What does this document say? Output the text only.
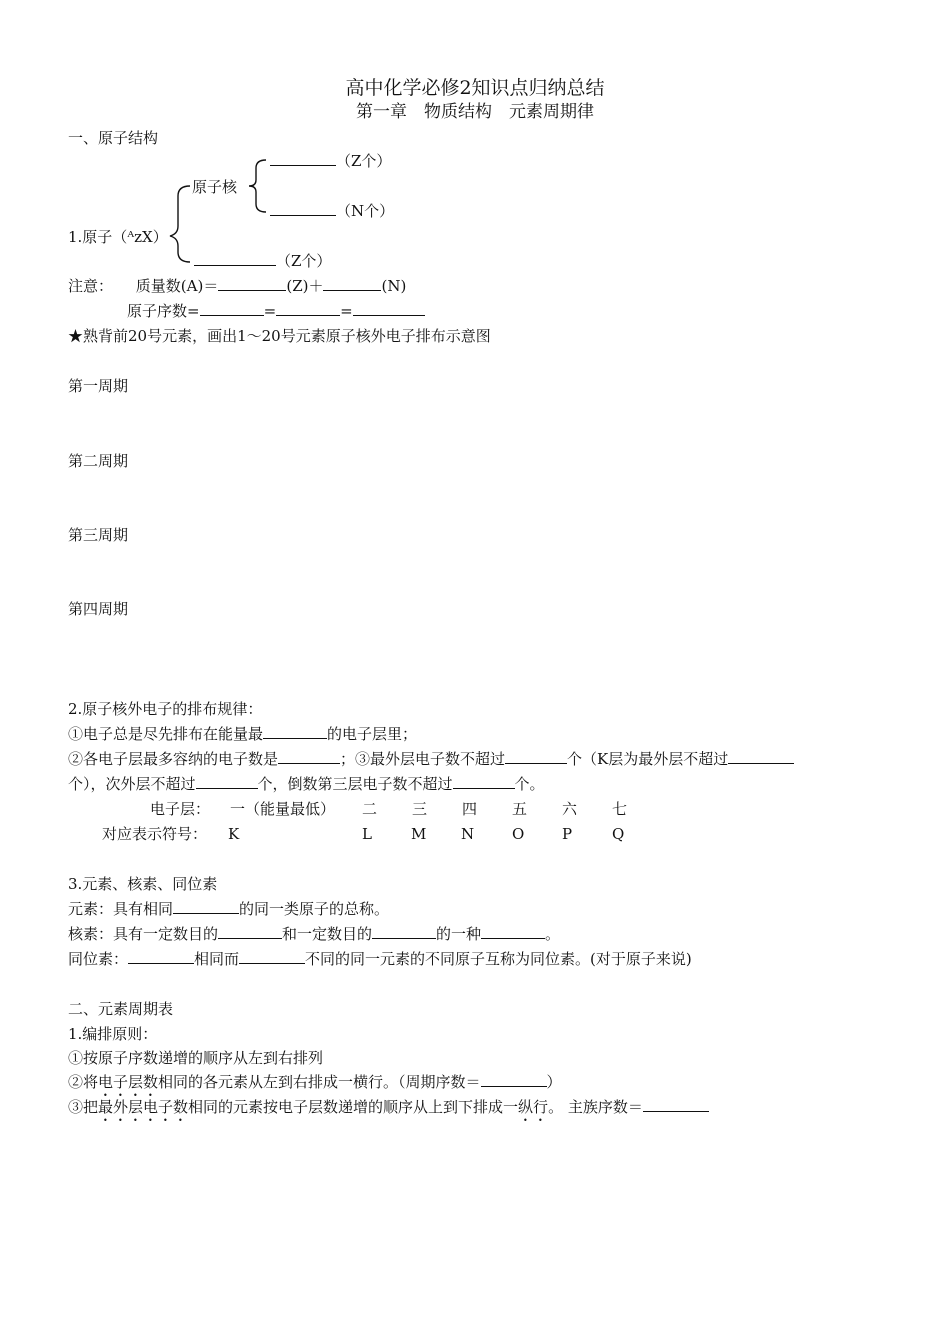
高中化学必修2知识点归纳总结
第一章　物质结构　元素周期律
一、原子结构
原子核
（Z个）
（N个）
1.原子（ᴬzX）
（Z个）
注意： 质量数(A)＝	(Z)＋	(N)
原子序数=	=	=
★熟背前20号元素，画出1～20号元素原子核外电子排布示意图
第一周期
第二周期
第三周期
第四周期
2.原子核外电子的排布规律：
①电子总是尽先排布在能量最	的电子层里；
②各电子层最多容纳的电子数是	；③最外层电子数不超过	个（K层为最外层不超过
个），次外层不超过	个，倒数第三层电子数不超过	个。
电子层： 一（能量最低） 二 三 四 五 六 七
对应表示符号： K	L	M N	O	P	Q
3.元素、核素、同位素
元素：具有相同	的同一类原子的总称。
核素：具有一定数目的	和一定数目的	的一种	。
同位素：	相同而	不同的同一元素的不同原子互称为同位素。(对于原子来说)
二、元素周期表
1.编排原则：
①按原子序数递增的顺序从左到右排列
②将电子层数相同的各元素从左到右排成一横行。（周期序数＝	）
③把最外层电子数相同的元素按电子层数递增的顺序从上到下排成一纵行。 主族序数＝
